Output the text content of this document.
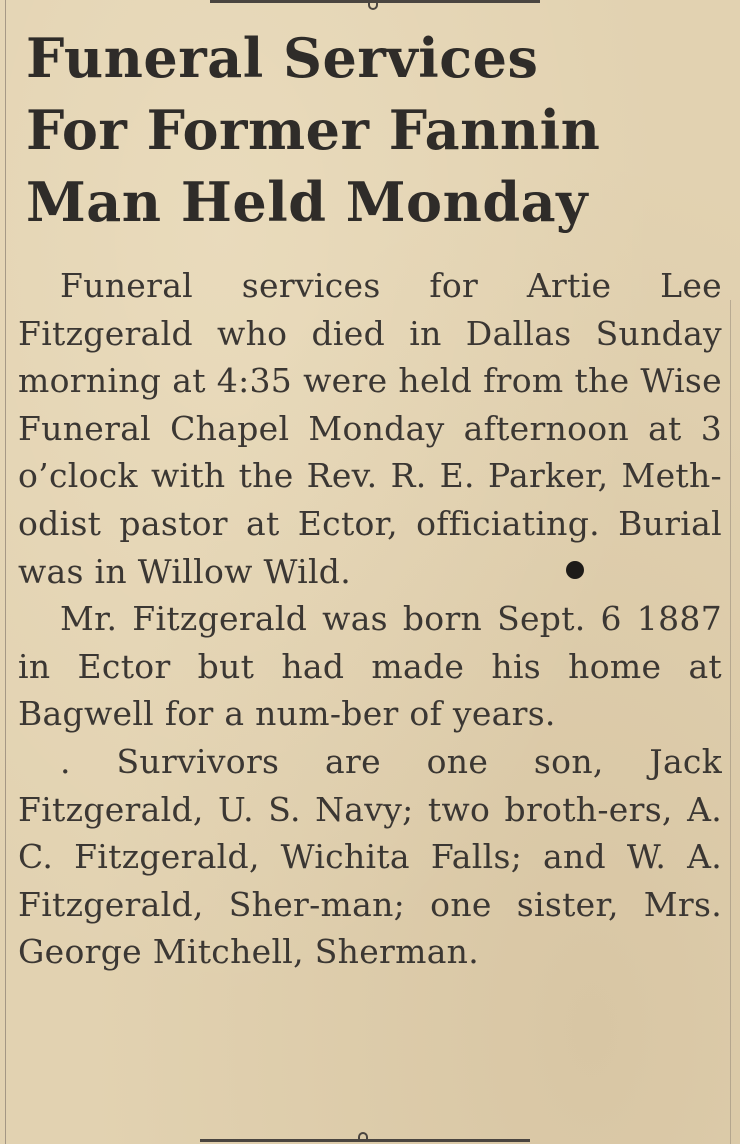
Funeral Services
For Former Fannin
Man Held Monday

Funeral services for Artie Lee Fitzgerald who died in Dallas Sunday morning at 4:35 were held from the Wise Funeral Chapel Monday afternoon at 3 o’clock with the Rev. R. E. Parker, Meth-odist pastor at Ector, officiating. Burial was in Willow Wild.

Mr. Fitzgerald was born Sept. 6 1887 in Ector but had made his home at Bagwell for a num-ber of years.

. Survivors are one son, Jack Fitzgerald, U. S. Navy; two broth-ers, A. C. Fitzgerald, Wichita Falls; and W. A. Fitzgerald, Sher-man; one sister, Mrs. George Mitchell, Sherman.
